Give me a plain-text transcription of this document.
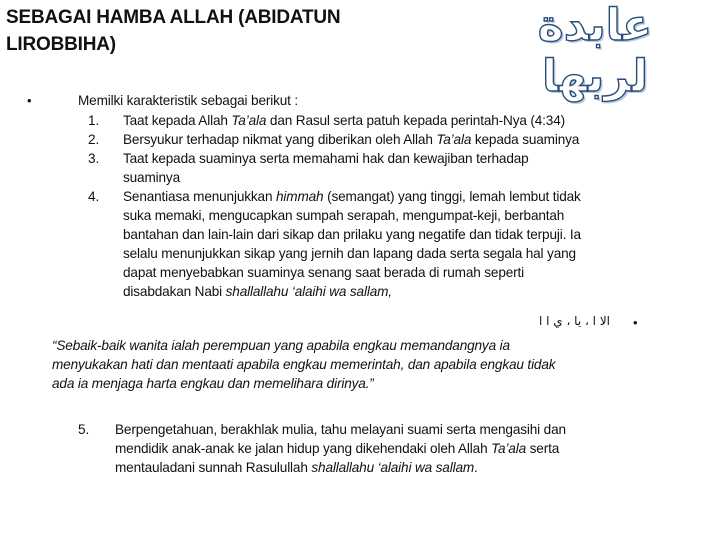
SEBAGAI HAMBA ALLAH (ABIDATUN
LIROBBIHA)	عابدة لربها
•	Memilki karakteristik sebagai berikut :
1. Taat kepada Allah Ta’ala dan Rasul serta patuh kepada perintah-Nya (4:34)
2. Bersyukur terhadap nikmat yang diberikan oleh Allah Ta’ala kepada suaminya
3. Taat kepada suaminya serta memahami hak dan kewajiban terhadap
suaminya
4. Senantiasa menunjukkan himmah (semangat) yang tinggi, lemah lembut tidak
suka memaki, mengucapkan sumpah serapah, mengumpat-keji, berbantah
bantahan dan lain-lain dari sikap dan prilaku yang negatife dan tidak terpuji. Ia
selalu menunjukkan sikap yang jernih dan lapang dada serta segala hal yang
dapat menyebabkan suaminya senang saat berada di rumah seperti
disabdakan Nabi shallallahu ‘alaihi wa sallam,
5. Berpengetahuan, berakhlak mulia, tahu melayani suami serta mengasihi dan
mendidik anak-anak ke jalan hidup yang dikehendaki oleh Allah Ta’ala serta
mentauladani sunnah Rasulullah shallallahu ‘alaihi wa sallam.
•
الا ا ، يا ، ي ا ا
“Sebaik-baik wanita ialah perempuan yang apabila engkau memandangnya ia
menyukakan hati dan mentaati apabila engkau memerintah, dan apabila engkau tidak
ada ia menjaga harta engkau dan memelihara dirinya.”
